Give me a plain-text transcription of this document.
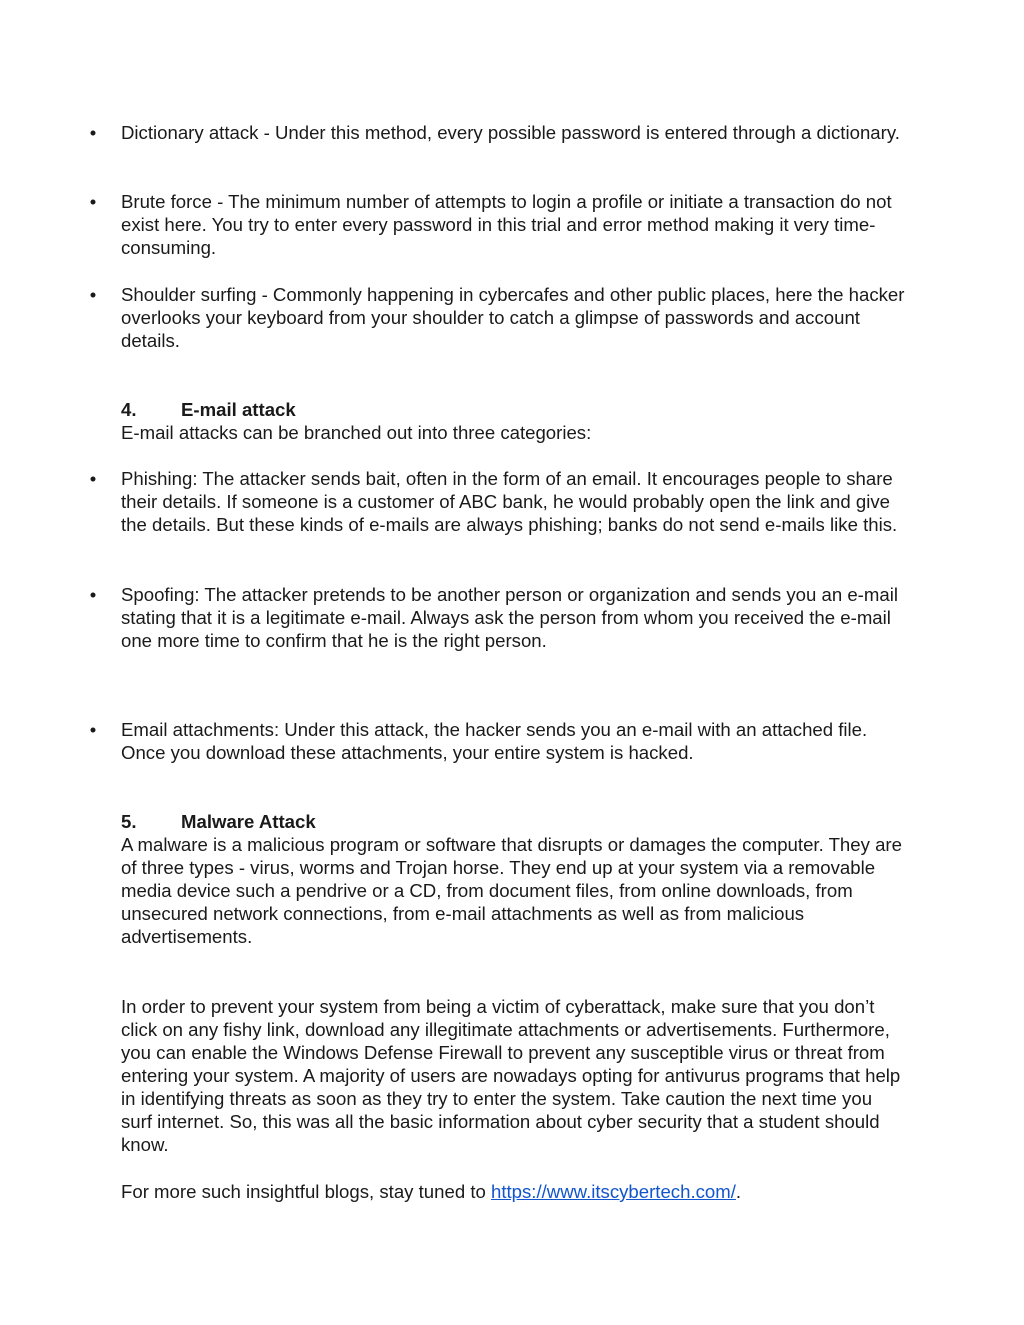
• Dictionary attack - Under this method, every possible password is entered through a dictionary.
• Brute force - The minimum number of attempts to login a profile or initiate a transaction do not exist here. You try to enter every password in this trial and error method making it very time-consuming.
• Shoulder surfing - Commonly happening in cybercafes and other public places, here the hacker overlooks your keyboard from your shoulder to catch a glimpse of passwords and account details.
4. E-mail attack
E-mail attacks can be branched out into three categories:
• Phishing: The attacker sends bait, often in the form of an email. It encourages people to share their details. If someone is a customer of ABC bank, he would probably open the link and give the details. But these kinds of e-mails are always phishing; banks do not send e-mails like this.
• Spoofing: The attacker pretends to be another person or organization and sends you an e-mail stating that it is a legitimate e-mail. Always ask the person from whom you received the e-mail one more time to confirm that he is the right person.
• Email attachments: Under this attack, the hacker sends you an e-mail with an attached file. Once you download these attachments, your entire system is hacked.
5. Malware Attack
A malware is a malicious program or software that disrupts or damages the computer. They are of three types - virus, worms and Trojan horse. They end up at your system via a removable media device such a pendrive or a CD, from document files, from online downloads, from unsecured network connections, from e-mail attachments as well as from malicious advertisements.
In order to prevent your system from being a victim of cyberattack, make sure that you don’t click on any fishy link, download any illegitimate attachments or advertisements. Furthermore, you can enable the Windows Defense Firewall to prevent any susceptible virus or threat from entering your system. A majority of users are nowadays opting for antivurus programs that help in identifying threats as soon as they try to enter the system. Take caution the next time you surf internet. So, this was all the basic information about cyber security that a student should know.
For more such insightful blogs, stay tuned to https://www.itscybertech.com/.
